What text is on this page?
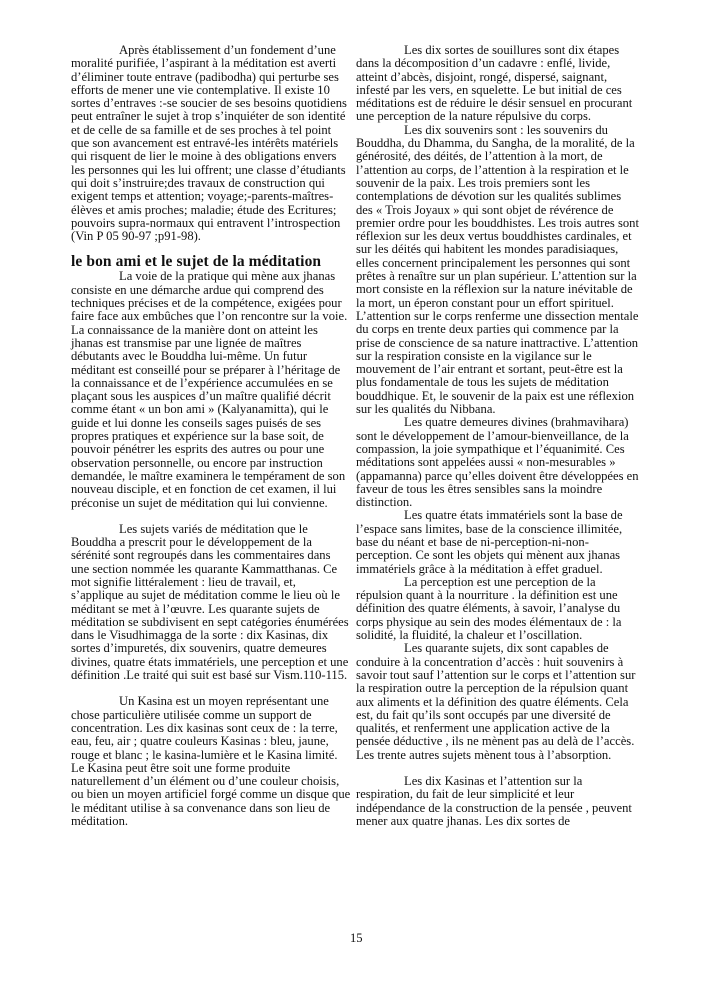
Après établissement d’un fondement d’une moralité purifiée, l’aspirant à la méditation est averti d’éliminer toute entrave (padibodha) qui perturbe ses efforts de mener une vie contemplative. Il existe 10 sortes d’entraves :-se soucier de ses besoins quotidiens peut entraîner le sujet à trop s’inquiéter de son identité et de celle de sa famille et de ses proches à tel point que son avancement est entravé-les intérêts matériels qui risquent de lier le moine à des obligations envers les personnes qui les lui offrent; une classe d’étudiants qui doit s’instruire;des travaux de construction qui exigent temps et attention; voyage;-parents-maîtres-élèves et amis proches; maladie; étude des Ecritures; pouvoirs supra-normaux qui entravent l’introspection (Vin P 05 90-97 ;p91-98).

le bon ami et le sujet de la méditation

La voie de la pratique qui mène aux jhanas consiste en une démarche ardue qui comprend des techniques précises et de la compétence, exigées pour faire face aux embûches que l’on rencontre sur la voie. La connaissance de la manière dont on atteint les jhanas est transmise par une lignée de maîtres débutants avec le Bouddha lui-même. Un futur méditant est conseillé pour se préparer à l’héritage de la connaissance et de l’expérience accumulées en se plaçant sous les auspices d’un maître qualifié décrit comme étant « un bon ami » (Kalyanamitta), qui le guide et lui donne les conseils sages puisés de ses propres pratiques et expérience sur la base soit, de pouvoir pénétrer les esprits des autres ou pour une observation personnelle, ou encore par instruction demandée, le maître examinera le tempérament de son nouveau disciple, et en fonction de cet examen, il lui préconise un sujet de méditation qui lui convienne.

Les sujets variés de méditation que le Bouddha a prescrit pour le développement de la sérénité sont regroupés dans les commentaires dans une section nommée les quarante Kammatthanas. Ce mot signifie littéralement : lieu de travail, et, s’applique au sujet de méditation comme le lieu où le méditant se met à l’œuvre. Les quarante sujets de méditation se subdivisent en sept catégories énumérées dans le Visudhimagga de la sorte : dix Kasinas, dix sortes d’impuretés, dix souvenirs, quatre demeures divines, quatre états immatériels, une perception et une définition .Le traité qui suit est basé sur Vism.110-115.

Un Kasina est un moyen représentant une chose particulière utilisée comme un support de concentration. Les dix kasinas sont ceux de : la terre, eau, feu, air ; quatre couleurs Kasinas : bleu, jaune, rouge et blanc ; le kasina-lumière et le Kasina limité. Le Kasina peut être soit une forme produite naturellement d’un élément ou d’une couleur choisis, ou bien un moyen artificiel forgé comme un disque que le méditant utilise à sa convenance dans son lieu de méditation.

Les dix sortes de souillures sont dix étapes dans la décomposition d’un cadavre : enflé, livide, atteint d’abcès, disjoint, rongé, dispersé, saignant, infesté par les vers, en squelette. Le but initial de ces méditations est de réduire le désir sensuel en procurant une perception de la nature répulsive du corps.

Les dix souvenirs sont : les souvenirs du Bouddha, du Dhamma, du Sangha, de la moralité, de la générosité, des déités, de l’attention à la mort, de l’attention au corps, de l’attention à la respiration et le souvenir de la paix. Les trois premiers sont les contemplations de dévotion sur les qualités sublimes des « Trois Joyaux » qui sont objet de révérence de premier ordre pour les bouddhistes. Les trois autres sont réflexion sur les deux vertus bouddhistes cardinales, et sur les déités qui habitent les mondes paradisiaques, elles concernent principalement les personnes qui sont prêtes à renaître sur un plan supérieur. L’attention sur la mort consiste en la réflexion sur la nature inévitable de la mort, un éperon constant pour un effort spirituel. L’attention sur le corps renferme une dissection mentale du corps en trente deux parties qui commence par la prise de conscience de sa nature inattractive. L’attention sur la respiration consiste en la vigilance sur le mouvement de l’air entrant et sortant, peut-être est la plus fondamentale de tous les sujets de méditation bouddhique. Et, le souvenir de la paix est une réflexion sur les qualités du Nibbana.

Les quatre demeures divines (brahmavihara) sont le développement de l’amour-bienveillance, de la compassion, la joie sympathique et l’équanimité. Ces méditations sont appelées aussi « non-mesurables » (appamanna) parce qu’elles doivent être développées en faveur de tous les êtres sensibles sans la moindre distinction.

Les quatre états immatériels sont la base de l’espace sans limites, base de la conscience illimitée, base du néant et base de ni-perception-ni-non-perception. Ce sont les objets qui mènent aux jhanas immatériels grâce à la méditation à effet graduel.

La perception est une perception de la répulsion quant à la nourriture . la définition est une définition des quatre éléments, à savoir, l’analyse du corps physique au sein des modes élémentaux de : la solidité, la fluidité, la chaleur et l’oscillation.

Les quarante sujets, dix sont capables de conduire à la concentration d’accès : huit souvenirs à savoir tout sauf l’attention sur le corps et l’attention sur la respiration outre la perception de la répulsion quant aux aliments et la définition des quatre éléments. Cela est, du fait qu’ils sont occupés par une diversité de qualités, et renferment une application active de la pensée déductive , ils ne mènent pas au delà de l’accès. Les trente autres sujets mènent tous à l’absorption.

Les dix Kasinas et l’attention sur la respiration, du fait de leur simplicité et leur indépendance de la construction de la pensée , peuvent mener aux quatre jhanas. Les dix sortes de

15
